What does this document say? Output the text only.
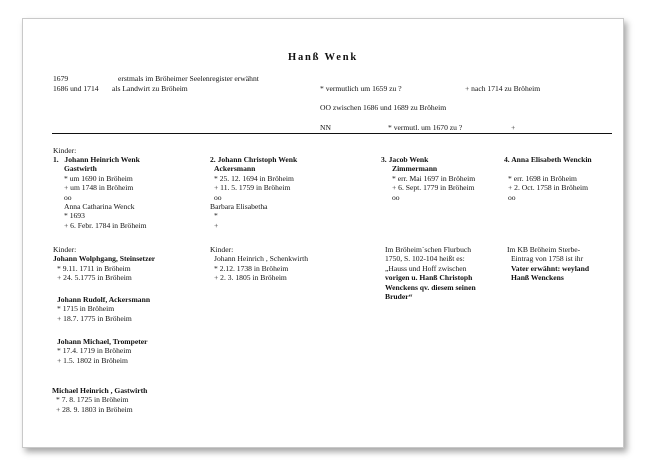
Hanß Wenk
1679	erstmals im Bröheimer Seelenregister erwähnt
1686 und 1714 als Landwirt zu Bröheim	* vermutlich um 1659 zu ?	+ nach 1714 zu Bröheim
OO zwischen 1686 und 1689 zu Bröheim
NN	* vermutl. um 1670 zu ?	+
Kinder:
1. Johann Heinrich Wenk
Gastwirth
* um 1690 in Bröheim
+ um 1748 in Bröheim
oo
Anna Catharina Wenck
* 1693
+ 6. Febr. 1784 in Bröheim
2. Johann Christoph Wenk
Ackersmann
* 25. 12. 1694 in Bröheim
+ 11. 5. 1759 in Bröheim
oo
Barbara Elisabetha
*
+
3. Jacob Wenk
Zimmermann
* err. Mai 1697 in Bröheim
+ 6. Sept. 1779 in Bröheim
oo
4. Anna Elisabeth Wenckin
* err. 1698 in Bröheim
+ 2. Oct. 1758 in Bröheim
oo
Kinder:
Johann Wolphgang, Steinsetzer
* 9.11. 1711 in Bröheim
+ 24. 5.1775 in Bröheim
Johann Rudolf, Ackersmann
* 1715 in Bröheim
+ 18.7. 1775 in Bröheim
Johann Michael, Trompeter
* 17.4. 1719 in Bröheim
+ 1.5. 1802 in Bröheim
Michael Heinrich , Gastwirth
* 7. 8. 1725 in Bröheim
+ 28. 9. 1803 in Bröheim
Kinder:
Johann Heinrich , Schenkwirth
* 2.12. 1738 in Bröheim
+ 2. 3. 1805 in Bröheim
Im Bröheim´schen Flurbuch
1750, S. 102-104 heißt es:
„Hauss und Hoff zwischen
vorigen u. Hanß Christoph
Wenckens qv. diesem seinen
Bruder“
Im KB Bröheim Sterbe-
Eintrag von 1758 ist ihr
Vater erwähnt: weyland
Hanß Wenckens
